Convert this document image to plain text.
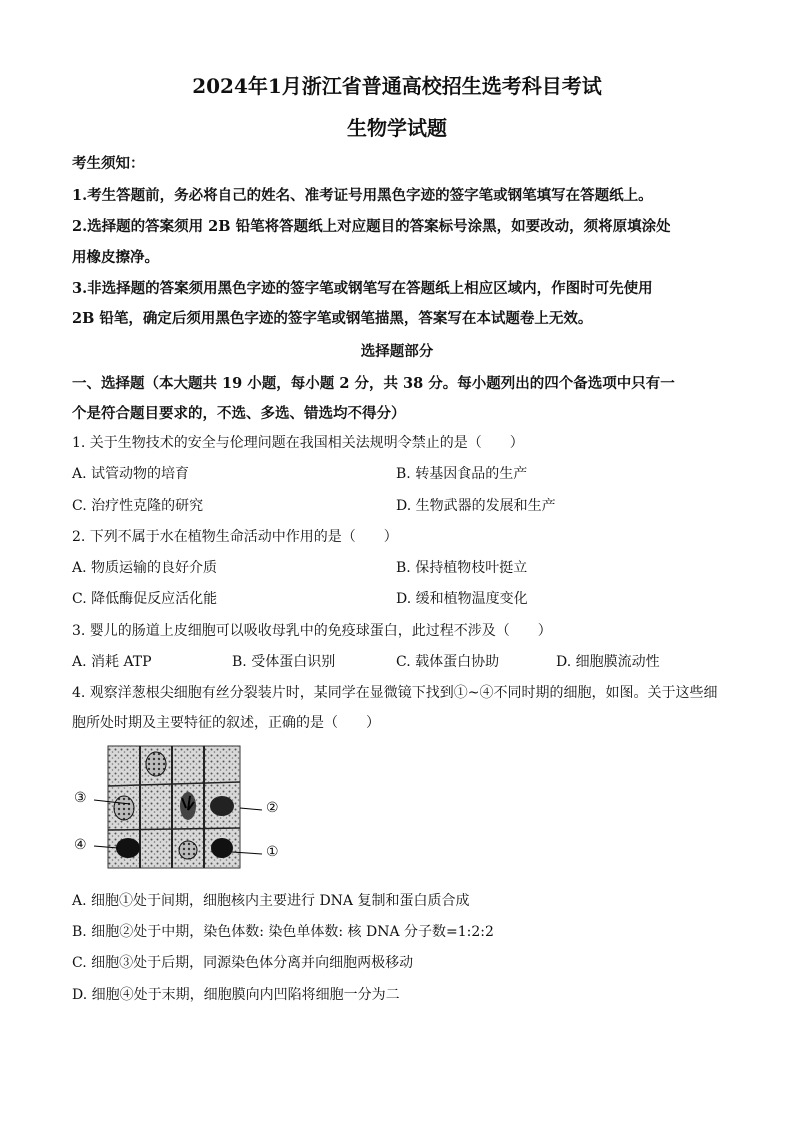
2024年1月浙江省普通高校招生选考科目考试
生物学试题
考生须知：
1.考生答题前，务必将自己的姓名、准考证号用黑色字迹的签字笔或钢笔填写在答题纸上。
2.选择题的答案须用 2B 铅笔将答题纸上对应题目的答案标号涂黑，如要改动，须将原填涂处
用橡皮擦净。
3.非选择题的答案须用黑色字迹的签字笔或钢笔写在答题纸上相应区域内，作图时可先使用
2B 铅笔，确定后须用黑色字迹的签字笔或钢笔描黑，答案写在本试题卷上无效。
选择题部分
一、选择题（本大题共 19 小题，每小题 2 分，共 38 分。每小题列出的四个备选项中只有一
个是符合题目要求的，不选、多选、错选均不得分）
1. 关于生物技术的安全与伦理问题在我国相关法规明令禁止的是（　　）
A. 试管动物的培育	B. 转基因食品的生产
C. 治疗性克隆的研究	D. 生物武器的发展和生产
2. 下列不属于水在植物生命活动中作用的是（　　）
A. 物质运输的良好介质	B. 保持植物枝叶挺立
C. 降低酶促反应活化能	D. 缓和植物温度变化
3. 婴儿的肠道上皮细胞可以吸收母乳中的免疫球蛋白，此过程不涉及（　　）
A. 消耗 ATP	B. 受体蛋白识别	C. 载体蛋白协助	D. 细胞膜流动性
4. 观察洋葱根尖细胞有丝分裂装片时，某同学在显微镜下找到①~④不同时期的细胞，如图。关于这些细
胞所处时期及主要特征的叙述，正确的是（　　）
③
②
④	①
A. 细胞①处于间期，细胞核内主要进行 DNA 复制和蛋白质合成
B. 细胞②处于中期，染色体数: 染色单体数: 核 DNA 分子数=1:2:2
C. 细胞③处于后期，同源染色体分离并向细胞两极移动
D. 细胞④处于末期，细胞膜向内凹陷将细胞一分为二
